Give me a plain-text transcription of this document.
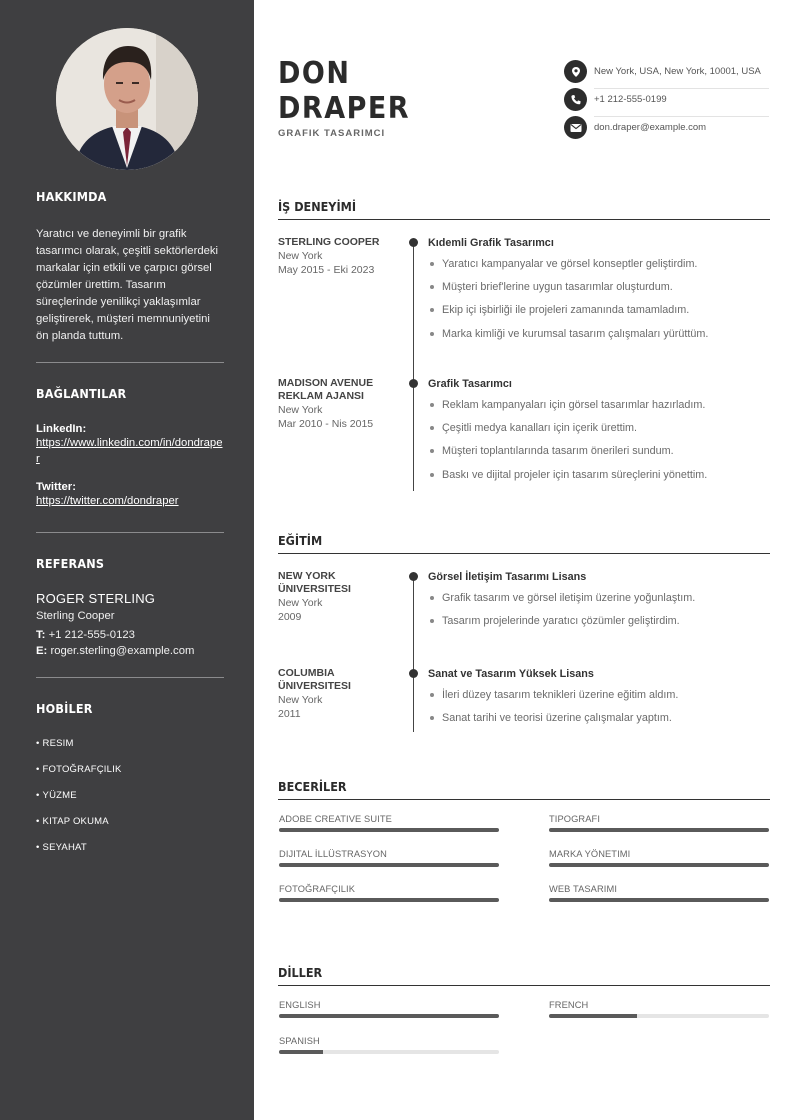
HAKKIMDA

Yaratıcı ve deneyimli bir grafik tasarımcı olarak, çeşitli sektörlerdeki markalar için etkili ve çarpıcı görsel çözümler ürettim. Tasarım süreçlerinde yenilikçi yaklaşımlar geliştirerek, müşteri memnuniyetini ön planda tuttum.

BAĞLANTILAR
LinkedIn:
https://www.linkedin.com/in/dondraper
Twitter:
https://twitter.com/dondraper
REFERANS
ROGER STERLING
Sterling Cooper
T: +1 212-555-0123
E: roger.sterling@example.com
HOBİLER
• RESIM
• FOTOĞRAFÇILIK
• YÜZME
• KITAP OKUMA
• SEYAHAT
DON
DRAPER
GRAFIK TASARIMCI
New York, USA, New York, 10001, USA
+1 212-555-0199
don.draper@example.com
İŞ DENEYİMİ
STERLING COOPER
New York
May 2015 - Eki 2023
Kıdemli Grafik Tasarımcı
Yaratıcı kampanyalar ve görsel konseptler geliştirdim.
Müşteri brief'lerine uygun tasarımlar oluşturdum.
Ekip içi işbirliği ile projeleri zamanında tamamladım.
Marka kimliği ve kurumsal tasarım çalışmaları yürüttüm.
MADISON AVENUE REKLAM AJANSI
New York
Mar 2010 - Nis 2015
Grafik Tasarımcı
Reklam kampanyaları için görsel tasarımlar hazırladım.
Çeşitli medya kanalları için içerik ürettim.
Müşteri toplantılarında tasarım önerileri sundum.
Baskı ve dijital projeler için tasarım süreçlerini yönettim.
EĞİTİM
NEW YORK ÜNIVERSITESI
New York
2009
Görsel İletişim Tasarımı Lisans
Grafik tasarım ve görsel iletişim üzerine yoğunlaştım.
Tasarım projelerinde yaratıcı çözümler geliştirdim.
COLUMBIA ÜNIVERSITESI
New York
2011
Sanat ve Tasarım Yüksek Lisans
İleri düzey tasarım teknikleri üzerine eğitim aldım.
Sanat tarihi ve teorisi üzerine çalışmalar yaptım.
BECERİLER
ADOBE CREATIVE SUITE	TIPOGRAFI
DIJITAL İLLÜSTRASYON	MARKA YÖNETIMI
FOTOĞRAFÇILIK	WEB TASARIMI
DİLLER
ENGLISH	FRENCH
SPANISH
